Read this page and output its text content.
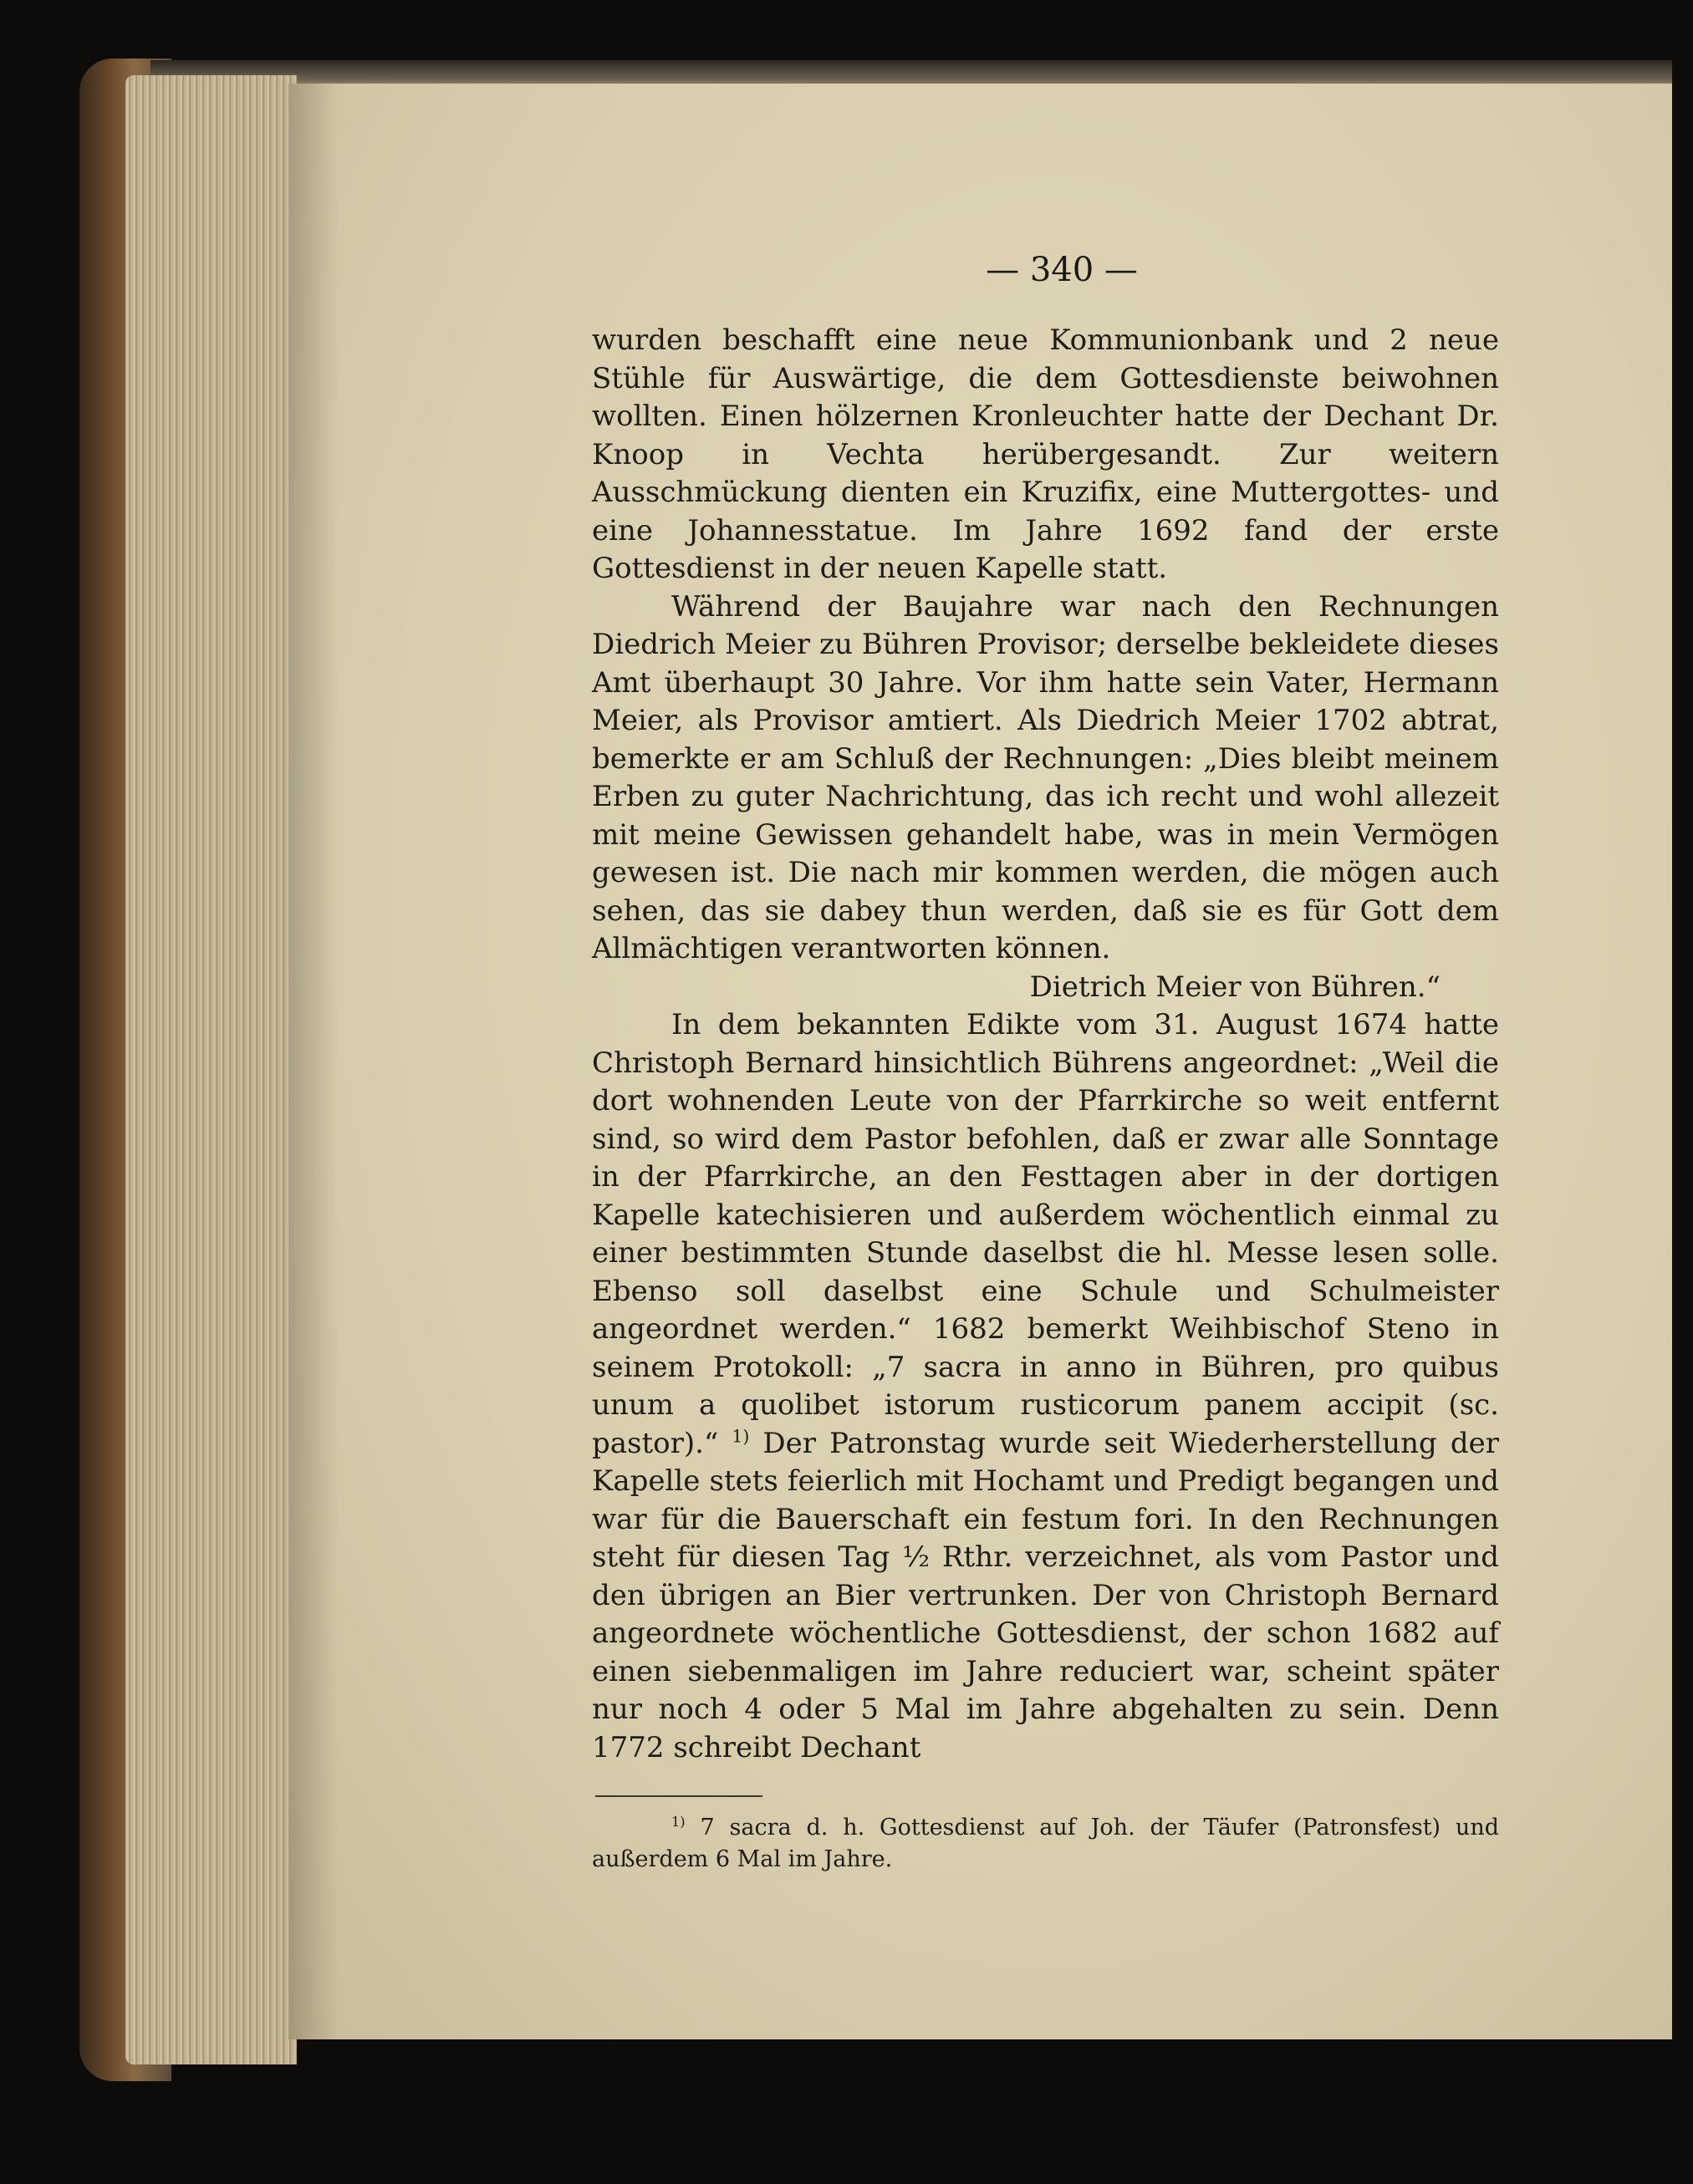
— 340 —

wurden beschafft eine neue Kommunionbank und 2 neue Stühle für Auswärtige, die dem Gottesdienste beiwohnen wollten. Einen hölzernen Kronleuchter hatte der Dechant Dr. Knoop in Vechta herübergesandt. Zur weitern Ausschmückung dienten ein Kruzifix, eine Muttergottes- und eine Johannesstatue. Im Jahre 1692 fand der erste Gottesdienst in der neuen Kapelle statt.

Während der Baujahre war nach den Rechnungen Diedrich Meier zu Bühren Provisor; derselbe bekleidete dieses Amt überhaupt 30 Jahre. Vor ihm hatte sein Vater, Hermann Meier, als Provisor amtiert. Als Diedrich Meier 1702 abtrat, bemerkte er am Schluß der Rechnungen: „Dies bleibt meinem Erben zu guter Nachrichtung, das ich recht und wohl allezeit mit meine Gewissen gehandelt habe, was in mein Vermögen gewesen ist. Die nach mir kommen werden, die mögen auch sehen, das sie dabey thun werden, daß sie es für Gott dem Allmächtigen verantworten können.

Dietrich Meier von Bühren.“

In dem bekannten Edikte vom 31. August 1674 hatte Christoph Bernard hinsichtlich Bührens angeordnet: „Weil die dort wohnenden Leute von der Pfarrkirche so weit entfernt sind, so wird dem Pastor befohlen, daß er zwar alle Sonntage in der Pfarrkirche, an den Festtagen aber in der dortigen Kapelle katechisieren und außerdem wöchentlich einmal zu einer bestimmten Stunde daselbst die hl. Messe lesen solle. Ebenso soll daselbst eine Schule und Schulmeister angeordnet werden.“ 1682 bemerkt Weihbischof Steno in seinem Protokoll: „7 sacra in anno in Bühren, pro quibus unum a quolibet istorum rusticorum panem accipit (sc. pastor).“ $^{1)}$ Der Patronstag wurde seit Wiederherstellung der Kapelle stets feierlich mit Hochamt und Predigt begangen und war für die Bauerschaft ein festum fori. In den Rechnungen steht für diesen Tag ½ Rthr. verzeichnet, als vom Pastor und den übrigen an Bier vertrunken. Der von Christoph Bernard angeordnete wöchentliche Gottesdienst, der schon 1682 auf einen siebenmaligen im Jahre reduciert war, scheint später nur noch 4 oder 5 Mal im Jahre abgehalten zu sein. Denn 1772 schreibt Dechant

$^{1)}$ 7 sacra d. h. Gottesdienst auf Joh. der Täufer (Patronsfest) und außerdem 6 Mal im Jahre.
